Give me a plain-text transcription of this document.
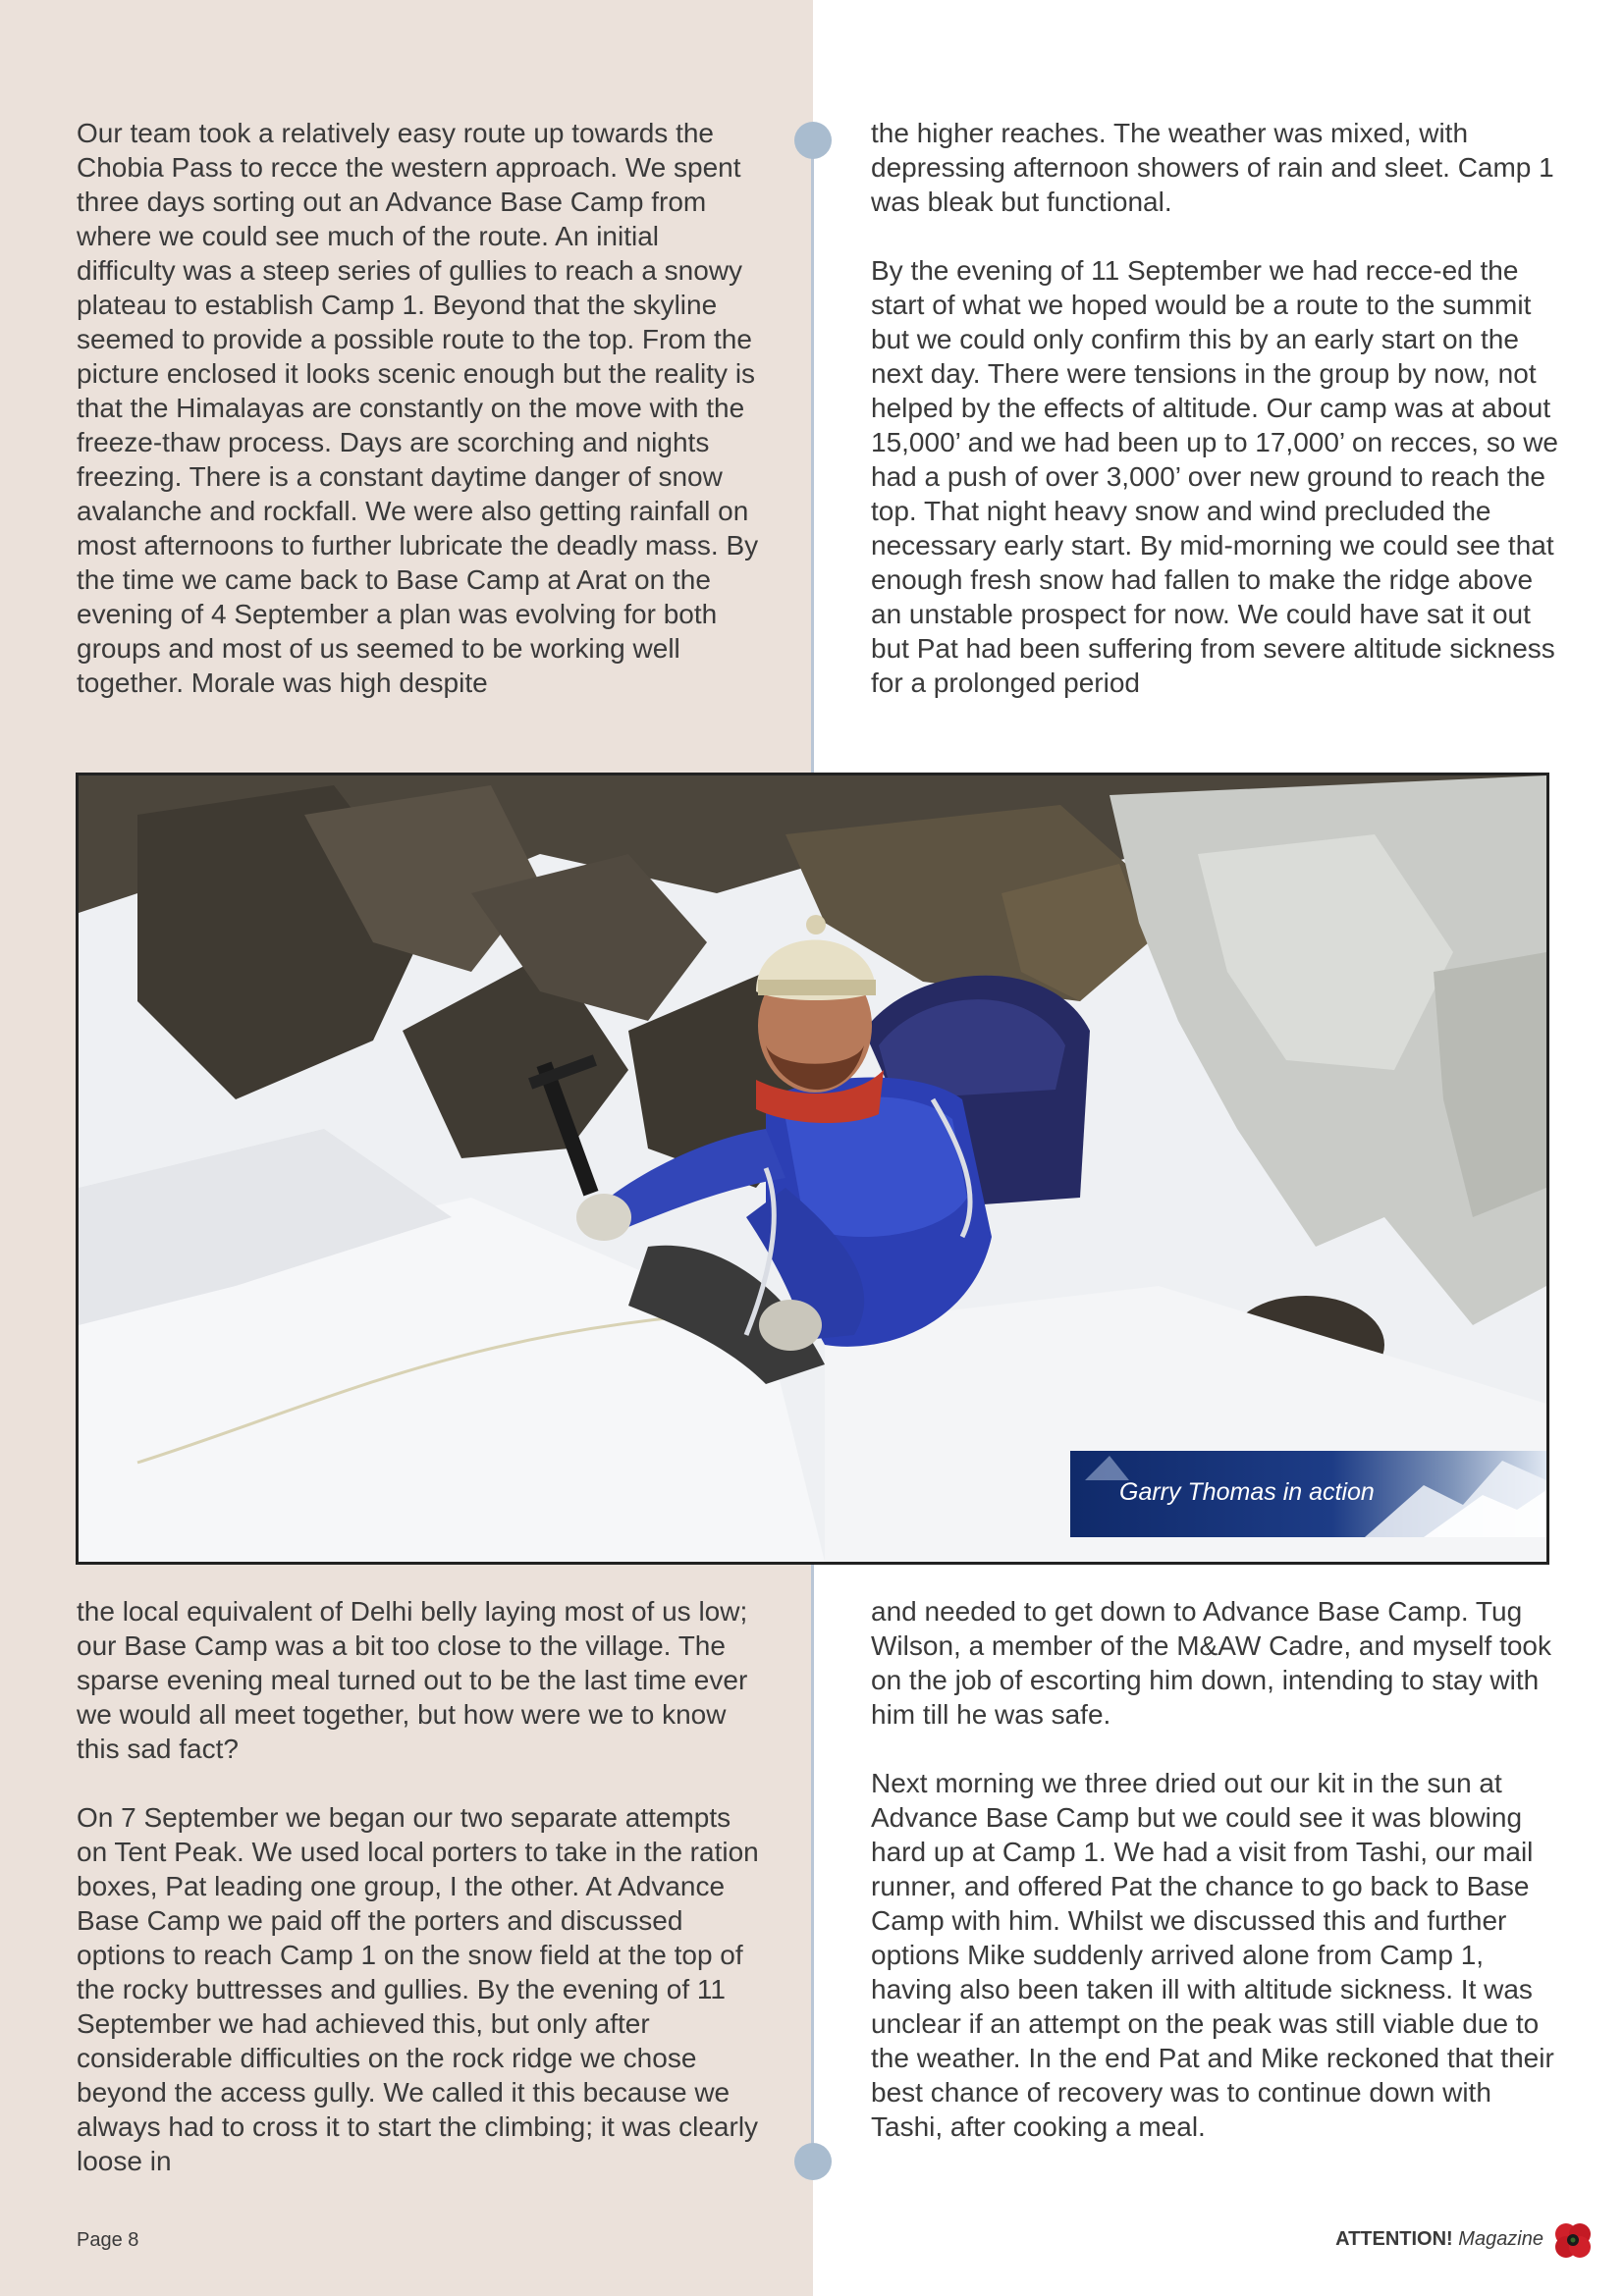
Our team took a relatively easy route up towards the Chobia Pass to recce the western approach. We spent three days sorting out an Advance Base Camp from where we could see much of the route. An initial difficulty was a steep series of gullies to reach a snowy plateau to establish Camp 1. Beyond that the skyline seemed to provide a possible route to the top. From the picture enclosed it looks scenic enough but the reality is that the Himalayas are constantly on the move with the freeze-thaw process. Days are scorching and nights freezing. There is a constant daytime danger of snow avalanche and rockfall. We were also getting rainfall on most afternoons to further lubricate the deadly mass. By the time we came back to Base Camp at Arat on the evening of 4 September a plan was evolving for both groups and most of us seemed to be working well together. Morale was high despite

the higher reaches. The weather was mixed, with depressing afternoon showers of rain and sleet. Camp 1 was bleak but functional.

By the evening of 11 September we had recce-ed the start of what we hoped would be a route to the summit but we could only confirm this by an early start on the next day. There were tensions in the group by now, not helped by the effects of altitude. Our camp was at about 15,000’ and we had been up to 17,000’ on recces, so we had a push of over 3,000’ over new ground to reach the top. That night heavy snow and wind precluded the necessary early start. By mid-morning we could see that enough fresh snow had fallen to make the ridge above an unstable prospect for now. We could have sat it out but Pat had been suffering from severe altitude sickness for a prolonged period

Garry Thomas in action

the local equivalent of Delhi belly laying most of us low; our Base Camp was a bit too close to the village. The sparse evening meal turned out to be the last time ever we would all meet together, but how were we to know this sad fact?

On 7 September we began our two separate attempts on Tent Peak. We used local porters to take in the ration boxes, Pat leading one group, I the other. At Advance Base Camp we paid off the porters and discussed options to reach Camp 1 on the snow field at the top of the rocky buttresses and gullies. By the evening of 11 September we had achieved this, but only after considerable difficulties on the rock ridge we chose beyond the access gully. We called it this because we always had to cross it to start the climbing; it was clearly loose in

and needed to get down to Advance Base Camp. Tug Wilson, a member of the M&AW Cadre, and myself took on the job of escorting him down, intending to stay with him till he was safe.

Next morning we three dried out our kit in the sun at Advance Base Camp but we could see it was blowing hard up at Camp 1. We had a visit from Tashi, our mail runner, and offered Pat the chance to go back to Base Camp with him. Whilst we discussed this and further options Mike suddenly arrived alone from Camp 1, having also been taken ill with altitude sickness. It was unclear if an attempt on the peak was still viable due to the weather. In the end Pat and Mike reckoned that their best chance of recovery was to continue down with Tashi, after cooking a meal.

Page 8	ATTENTION! Magazine
